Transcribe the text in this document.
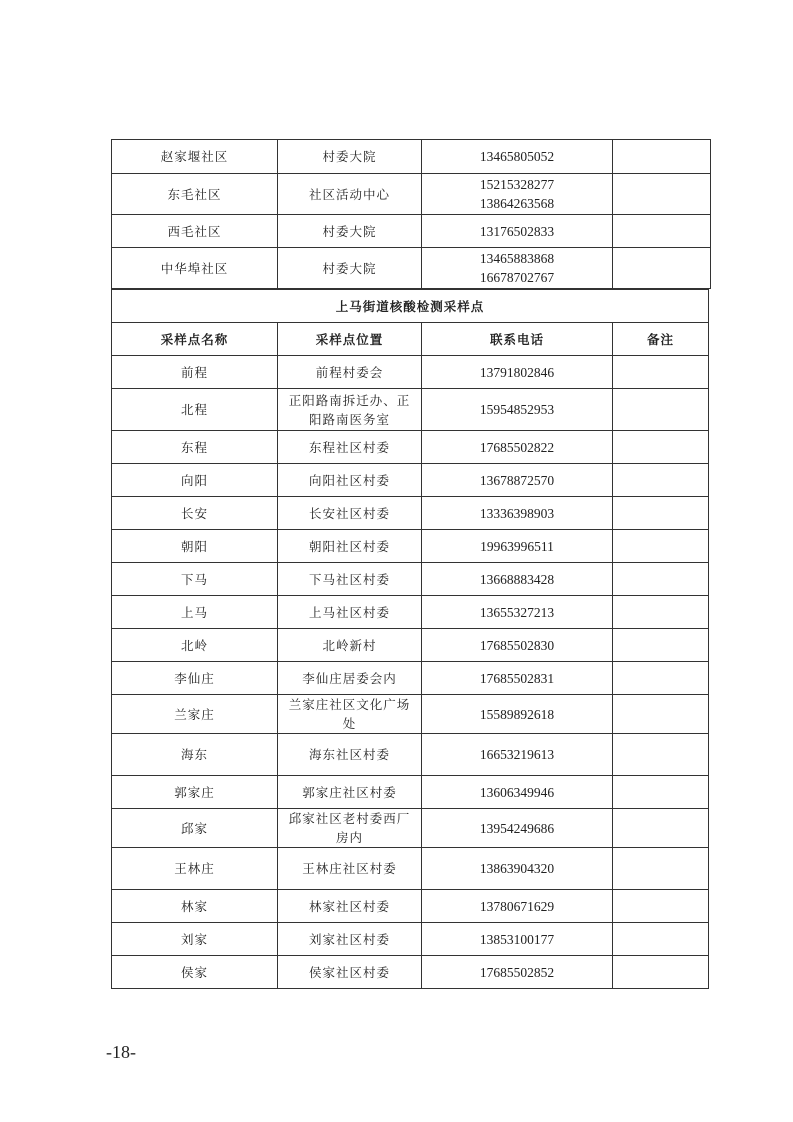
赵家堰社区	村委大院	13465805052	

东毛社区	社区活动中心	15215328277
13864263568	

西毛社区	村委大院	13176502833	

中华埠社区	村委大院	13465883868
16678702767	

上马街道核酸检测采样点			
采样点名称	采样点位置	联系电话	备注
前程	前程村委会	13791802846	
北程	正阳路南拆迁办、正阳路南医务室	15954852953	
东程	东程社区村委	17685502822	
向阳	向阳社区村委	13678872570	
长安	长安社区村委	13336398903	
朝阳	朝阳社区村委	19963996511	
下马	下马社区村委	13668883428	
上马	上马社区村委	13655327213	
北岭	北岭新村	17685502830	
李仙庄	李仙庄居委会内	17685502831	
兰家庄	兰家庄社区文化广场处	15589892618	
海东	海东社区村委	16653219613	
郭家庄	郭家庄社区村委	13606349946	
邱家	邱家社区老村委西厂房内	13954249686	
王林庄	王林庄社区村委	13863904320	
林家	林家社区村委	13780671629	
刘家	刘家社区村委	13853100177	
侯家	侯家社区村委	17685502852	
-18-
